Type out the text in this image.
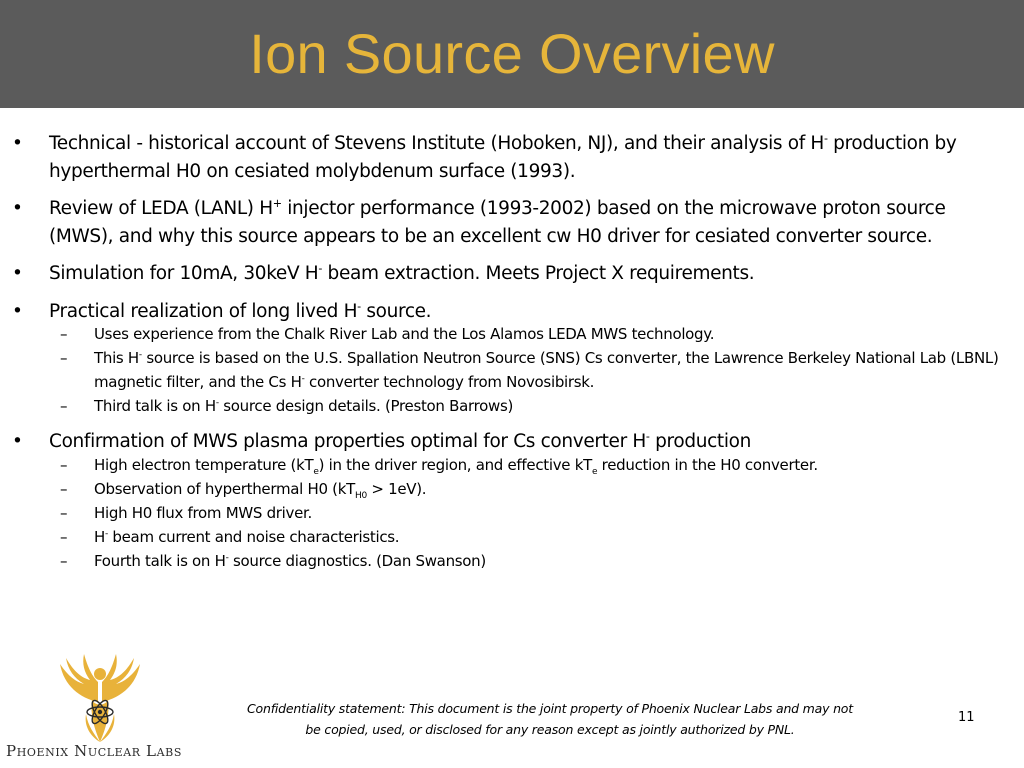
Ion Source Overview
• Technical - historical account of Stevens Institute (Hoboken, NJ), and their analysis of H- production by hyperthermal H0 on cesiated molybdenum surface (1993).
• Review of LEDA (LANL) H+ injector performance (1993-2002) based on the microwave proton source (MWS), and why this source appears to be an excellent cw H0 driver for cesiated converter source.
• Simulation for 10mA, 30keV H- beam extraction. Meets Project X requirements.
• Practical realization of long lived H- source.
– Uses experience from the Chalk River Lab and the Los Alamos LEDA MWS technology.
– This H- source is based on the U.S. Spallation Neutron Source (SNS) Cs converter, the Lawrence Berkeley National Lab (LBNL) magnetic filter, and the Cs H- converter technology from Novosibirsk.
– Third talk is on H- source design details. (Preston Barrows)
• Confirmation of MWS plasma properties optimal for Cs converter H- production
– High electron temperature $(kT_e)$ in the driver region, and effective $kT_e$ reduction in the H0 converter.
– Observation of hyperthermal H0 $(kT_{H0} > 1eV)$.
– High H0 flux from MWS driver.
– H- beam current and noise characteristics.
– Fourth talk is on H- source diagnostics. (Dan Swanson)
Phoenix Nuclear Labs
Confidentiality statement: This document is the joint property of Phoenix Nuclear Labs and may not
be copied, used, or disclosed for any reason except as jointly authorized by PNL.
11
